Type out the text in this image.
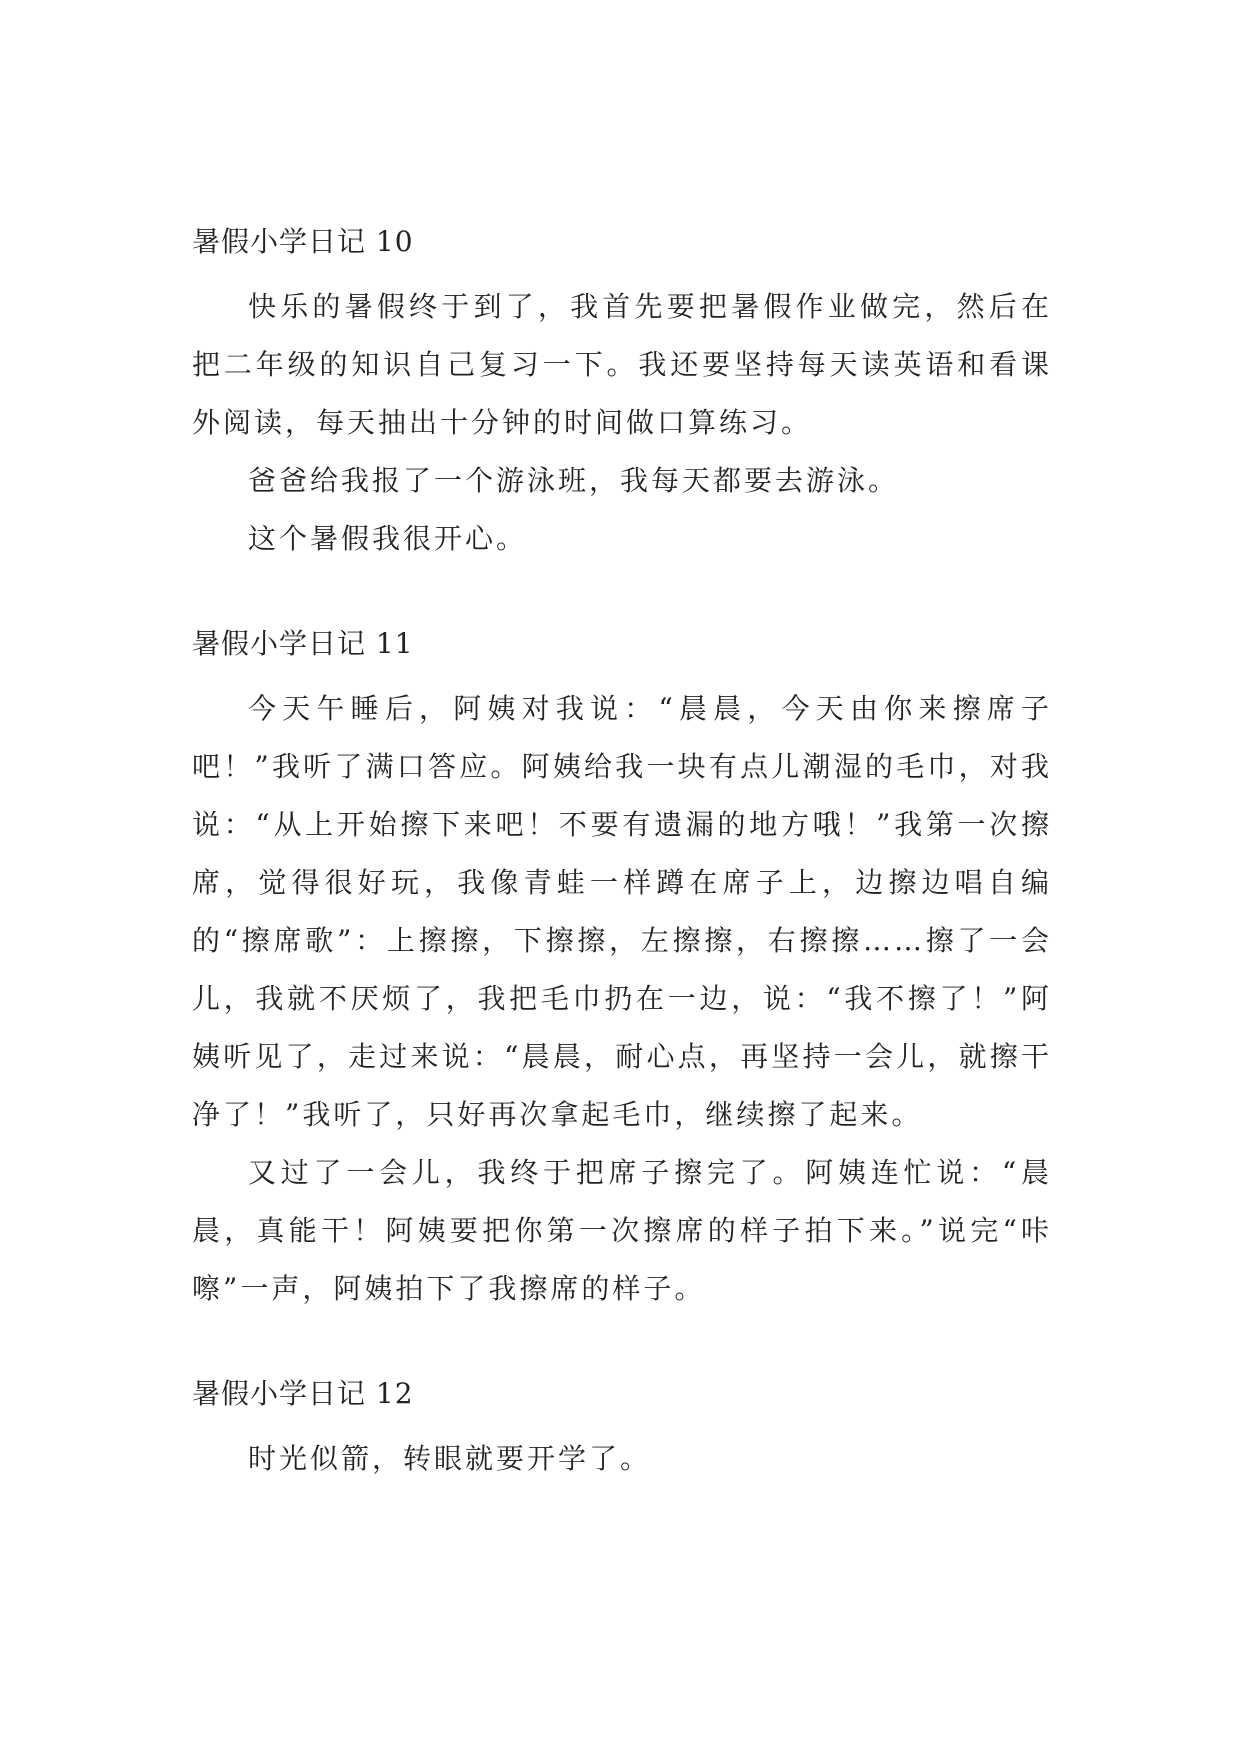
暑假小学日记 10

快乐的暑假终于到了，我首先要把暑假作业做完，然后在把二年级的知识自己复习一下。我还要坚持每天读英语和看课外阅读，每天抽出十分钟的时间做口算练习。

爸爸给我报了一个游泳班，我每天都要去游泳。

这个暑假我很开心。

暑假小学日记 11

今天午睡后，阿姨对我说：“晨晨，今天由你来擦席子吧！”我听了满口答应。阿姨给我一块有点儿潮湿的毛巾，对我说：“从上开始擦下来吧！不要有遗漏的地方哦！”我第一次擦席，觉得很好玩，我像青蛙一样蹲在席子上，边擦边唱自编的“擦席歌”：上擦擦，下擦擦，左擦擦，右擦擦……擦了一会儿，我就不厌烦了，我把毛巾扔在一边，说：“我不擦了！”阿姨听见了，走过来说：“晨晨，耐心点，再坚持一会儿，就擦干净了！”我听了，只好再次拿起毛巾，继续擦了起来。

又过了一会儿，我终于把席子擦完了。阿姨连忙说：“晨晨，真能干！阿姨要把你第一次擦席的样子拍下来。”说完“咔嚓”一声，阿姨拍下了我擦席的样子。

暑假小学日记 12

时光似箭，转眼就要开学了。
